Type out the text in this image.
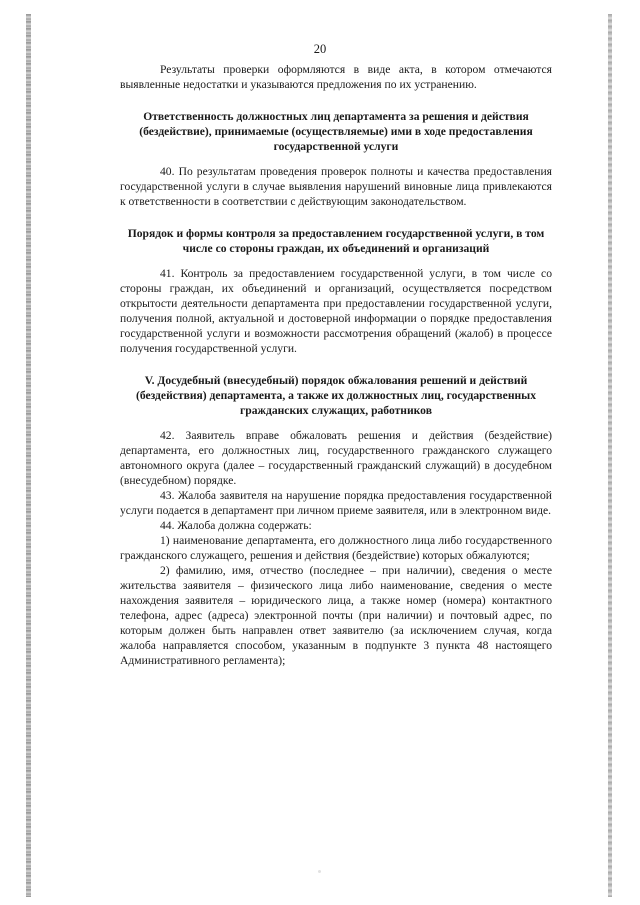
20

Результаты проверки оформляются в виде акта, в котором отмечаются выявленные недостатки и указываются предложения по их устранению.

Ответственность должностных лиц департамента за решения и действия (бездействие), принимаемые (осуществляемые) ими в ходе предоставления государственной услуги

40. По результатам проведения проверок полноты и качества предоставления государственной услуги в случае выявления нарушений виновные лица привлекаются к ответственности в соответствии с действующим законодательством.

Порядок и формы контроля за предоставлением государственной услуги, в том числе со стороны граждан, их объединений и организаций

41. Контроль за предоставлением государственной услуги, в том числе со стороны граждан, их объединений и организаций, осуществляется посредством открытости деятельности департамента при предоставлении государственной услуги, получения полной, актуальной и достоверной информации о порядке предоставления государственной услуги и возможности рассмотрения обращений (жалоб) в процессе получения государственной услуги.

V. Досудебный (внесудебный) порядок обжалования решений и действий (бездействия) департамента, а также их должностных лиц, государственных гражданских служащих, работников

42. Заявитель вправе обжаловать решения и действия (бездействие) департамента, его должностных лиц, государственного гражданского служащего автономного округа (далее – государственный гражданский служащий) в досудебном (внесудебном) порядке.

43. Жалоба заявителя на нарушение порядка предоставления государственной услуги подается в департамент при личном приеме заявителя, или в электронном виде.

44. Жалоба должна содержать:

1) наименование департамента, его должностного лица либо государственного гражданского служащего, решения и действия (бездействие) которых обжалуются;

2) фамилию, имя, отчество (последнее – при наличии), сведения о месте жительства заявителя – физического лица либо наименование, сведения о месте нахождения заявителя – юридического лица, а также номер (номера) контактного телефона, адрес (адреса) электронной почты (при наличии) и почтовый адрес, по которым должен быть направлен ответ заявителю (за исключением случая, когда жалоба направляется способом, указанным в подпункте 3 пункта 48 настоящего Административного регламента);
